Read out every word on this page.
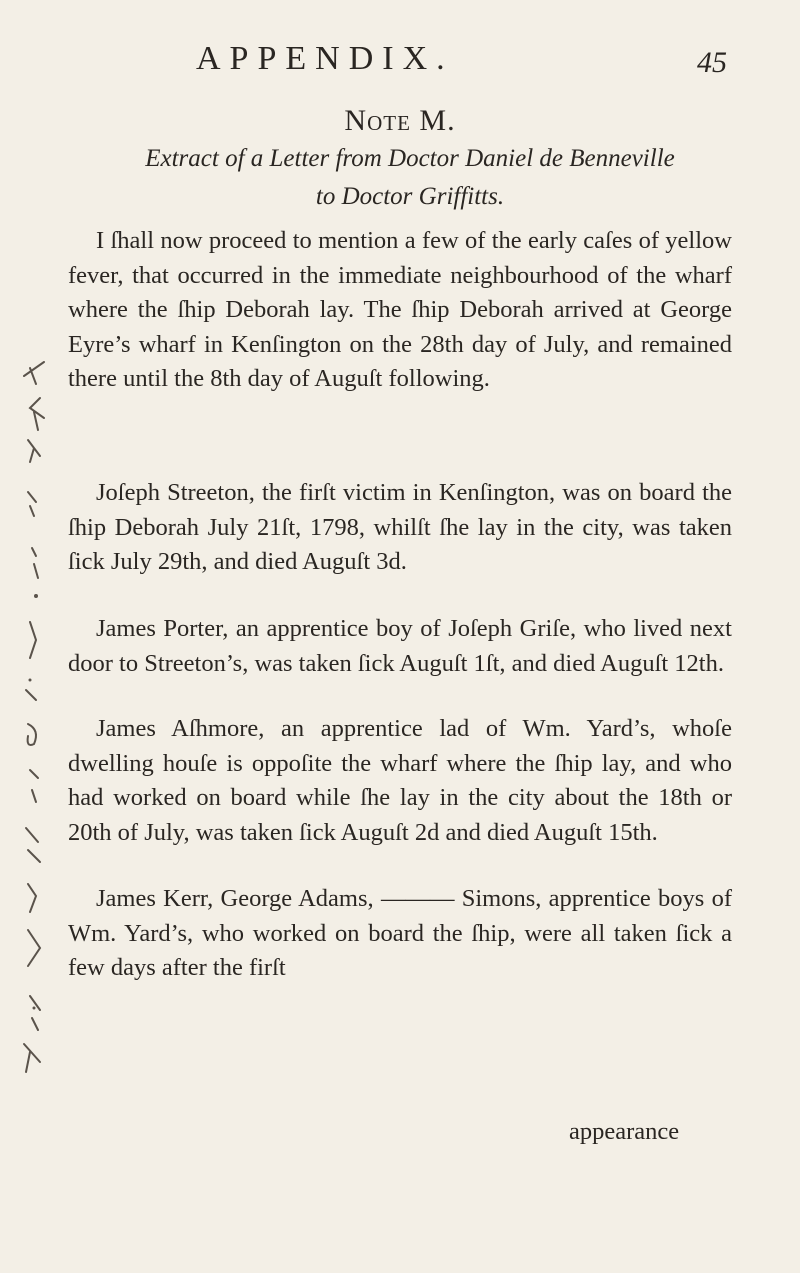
APPENDIX.	45
Note M.
Extract of a Letter from Doctor Daniel de Benneville
to Doctor Griffitts.

I ſhall now proceed to mention a few of the early caſes of yellow fever, that occurred in the immediate neighbourhood of the wharf where the ſhip Deborah lay. The ſhip Deborah arrived at George Eyre’s wharf in Kenſington on the 28th day of July, and remained there until the 8th day of Auguſt following.

Joſeph Streeton, the firſt victim in Kenſington, was on board the ſhip Deborah July 21ſt, 1798, whilſt ſhe lay in the city, was taken ſick July 29th, and died Auguſt 3d.

James Porter, an apprentice boy of Joſeph Griſe, who lived next door to Streeton’s, was taken ſick Auguſt 1ſt, and died Auguſt 12th.

James Aſhmore, an apprentice lad of Wm. Yard’s, whoſe dwelling houſe is oppoſite the wharf where the ſhip lay, and who had worked on board while ſhe lay in the city about the 18th or 20th of July, was taken ſick Auguſt 2d and died Auguſt 15th.

James Kerr, George Adams, ——— Simons, apprentice boys of Wm. Yard’s, who worked on board the ſhip, were all taken ſick a few days after the firſt

appearance
